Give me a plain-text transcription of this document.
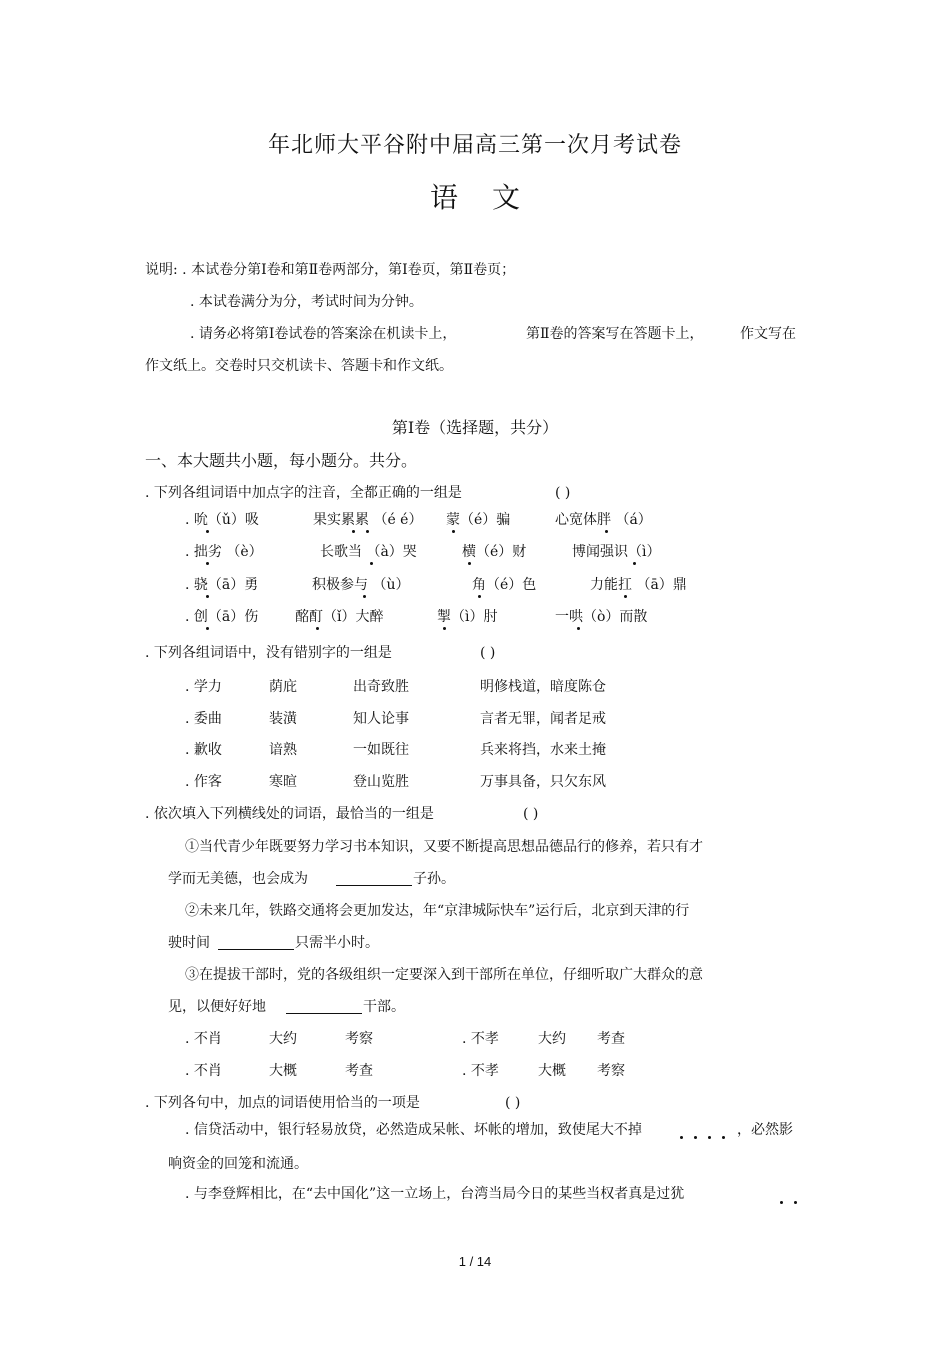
年北师大平谷附中届高三第一次月考试卷
语文
说明: . 本试卷分第Ⅰ卷和第Ⅱ卷两部分，第Ⅰ卷页，第Ⅱ卷页；
. 本试卷满分为分，考试时间为分钟。
. 请务必将第Ⅰ卷试卷的答案涂在机读卡上，	第Ⅱ卷的答案写在答题卡上，	作文写在
作文纸上。交卷时只交机读卡、答题卡和作文纸。
第Ⅰ卷（选择题，共分）
一、本大题共小题，每小题分。共分。
. 下列各组词语中加点字的注音，全都正确的一组是	( )
. 吮（ǔ）吸	果实累累 （é é） 蒙（é）骗	心宽体胖 （á）
. 拙劣 （è）	长歌当 （à）哭	横（é）财	博闻强识（ì）
. 骁（ā）勇	积极参与 （ù）	角（é）色	力能扛 （ā）鼎
. 创（ā）伤	酩酊（ǐ）大醉	掣（ì）肘	一哄（ò）而散
. 下列各组词语中，没有错别字的一组是	( )
. 学力	荫庇	出奇致胜	明修栈道，暗度陈仓
. 委曲	装潢	知人论事	言者无罪，闻者足戒
. 歉收	谙熟	一如既往	兵来将挡，水来土掩
. 作客	寒暄	登山览胜	万事具备，只欠东风
. 依次填入下列横线处的词语，最恰当的一组是	( )
①当代青少年既要努力学习书本知识，又要不断提高思想品德品行的修养，若只有才
学而无美德，也会成为	子孙。
②未来几年，铁路交通将会更加发达，年“京津城际快车”运行后，北京到天津的行
驶时间	只需半小时。
③在提拔干部时，党的各级组织一定要深入到干部所在单位，仔细听取广大群众的意
见，以便好好地	干部。
. 不肖	大约	考察	. 不孝	大约 考查
. 不肖	大概	考查	. 不孝	大概 考察
. 下列各句中，加点的词语使用恰当的一项是	( )
. 信贷活动中，银行轻易放贷，必然造成呆帐、坏帐的增加，致使尾大不掉	，必然影
响资金的回笼和流通。
. 与李登辉相比，在“去中国化”这一立场上，台湾当局今日的某些当权者真是过犹
1 / 14
